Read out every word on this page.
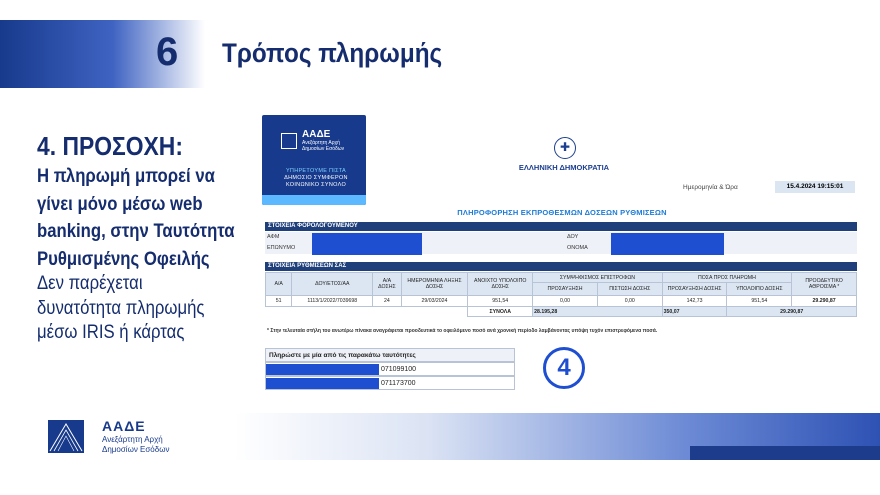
6 Τρόπος πληρωμής
4. ΠΡΟΣΟΧΗ:
Η πληρωμή μπορεί να
γίνει μόνο μέσω web
banking, στην Ταυτότητα
Ρυθμισμένης Οφειλής
Δεν παρέχεται
δυνατότητα πληρωμής
μέσω IRIS ή κάρτας
ΑΑΔΕ
Ανεξάρτητη Αρχή
Δημοσίων Εσόδων
ΥΠΗΡΕΤΟΥΜΕ ΠΙΣΤΑ
ΔΗΜΟΣΙΟ ΣΥΜΦΕΡΟΝ
ΚΟΙΝΩΝΙΚΟ ΣΥΝΟΛΟ
✚
ΕΛΛΗΝΙΚΗ ΔΗΜΟΚΡΑΤΙΑ
Ημερομηνία & Ώρα	15.4.2024 19:15:01
ΠΛΗΡΟΦΟΡΗΣΗ ΕΚΠΡΟΘΕΣΜΩΝ ΔΟΣΕΩΝ ΡΥΘΜΙΣΕΩΝ
ΣΤΟΙΧΕΙΑ ΦΟΡΟΛΟΓΟΥΜΕΝΟΥ
ΑΦΜ	ΔΟΥ
ΕΠΩΝΥΜΟ	ΟΝΟΜΑ
ΣΤΟΙΧΕΙΑ ΡΥΘΜΙΣΕΩΝ ΣΑΣ
Α/Α	ΔΟΥ/ΕΤΟΣ/ΑΑ	Α/Α ΔΟΣΗΣ	ΗΜΕΡΟΜΗΝΙΑ ΛΗΞΗΣ ΔΟΣΗΣ	ΑΝΟΙΧΤΟ ΥΠΟΛΟΙΠΟ ΔΟΣΗΣ	ΣΥΜΨΗΦΙΣΜΟΣ ΕΠΙΣΤΡΟΦΩΝ		ΠΟΣΑ ΠΡΟΣ ΠΛΗΡΩΜΗ		ΠΡΟΟΔΕΥΤΙΚΟ ΑΘΡΟΙΣΜΑ *
					ΠΡΟΣΑΥΞΗΣΗ	ΠΙΣΤΩΣΗ ΔΟΣΗΣ	ΠΡΟΣΑΥΞΗΣΗ ΔΟΣΗΣ	ΥΠΟΛΟΙΠΟ ΔΟΣΗΣ	
51	1113/1/2022/7039698	24	29/03/2024	951,54	0,00	0,00	142,73	951,54	29.290,87
				ΣΥΝΟΛΑ	28.195,28		350,07	29.290,87	
* Στην τελευταία στήλη του ανωτέρω πίνακα αναγράφεται προοδευτικά το οφειλόμενο ποσό ανά χρονική περίοδο λαμβάνοντας υπόψη τυχόν επιστρεφόμενα ποσά.
Πληρώστε με μία από τις παρακάτω ταυτότητες
071099100
071173700
4
ΑΑΔΕ
Ανεξάρτητη Αρχή
Δημοσίων Εσόδων
